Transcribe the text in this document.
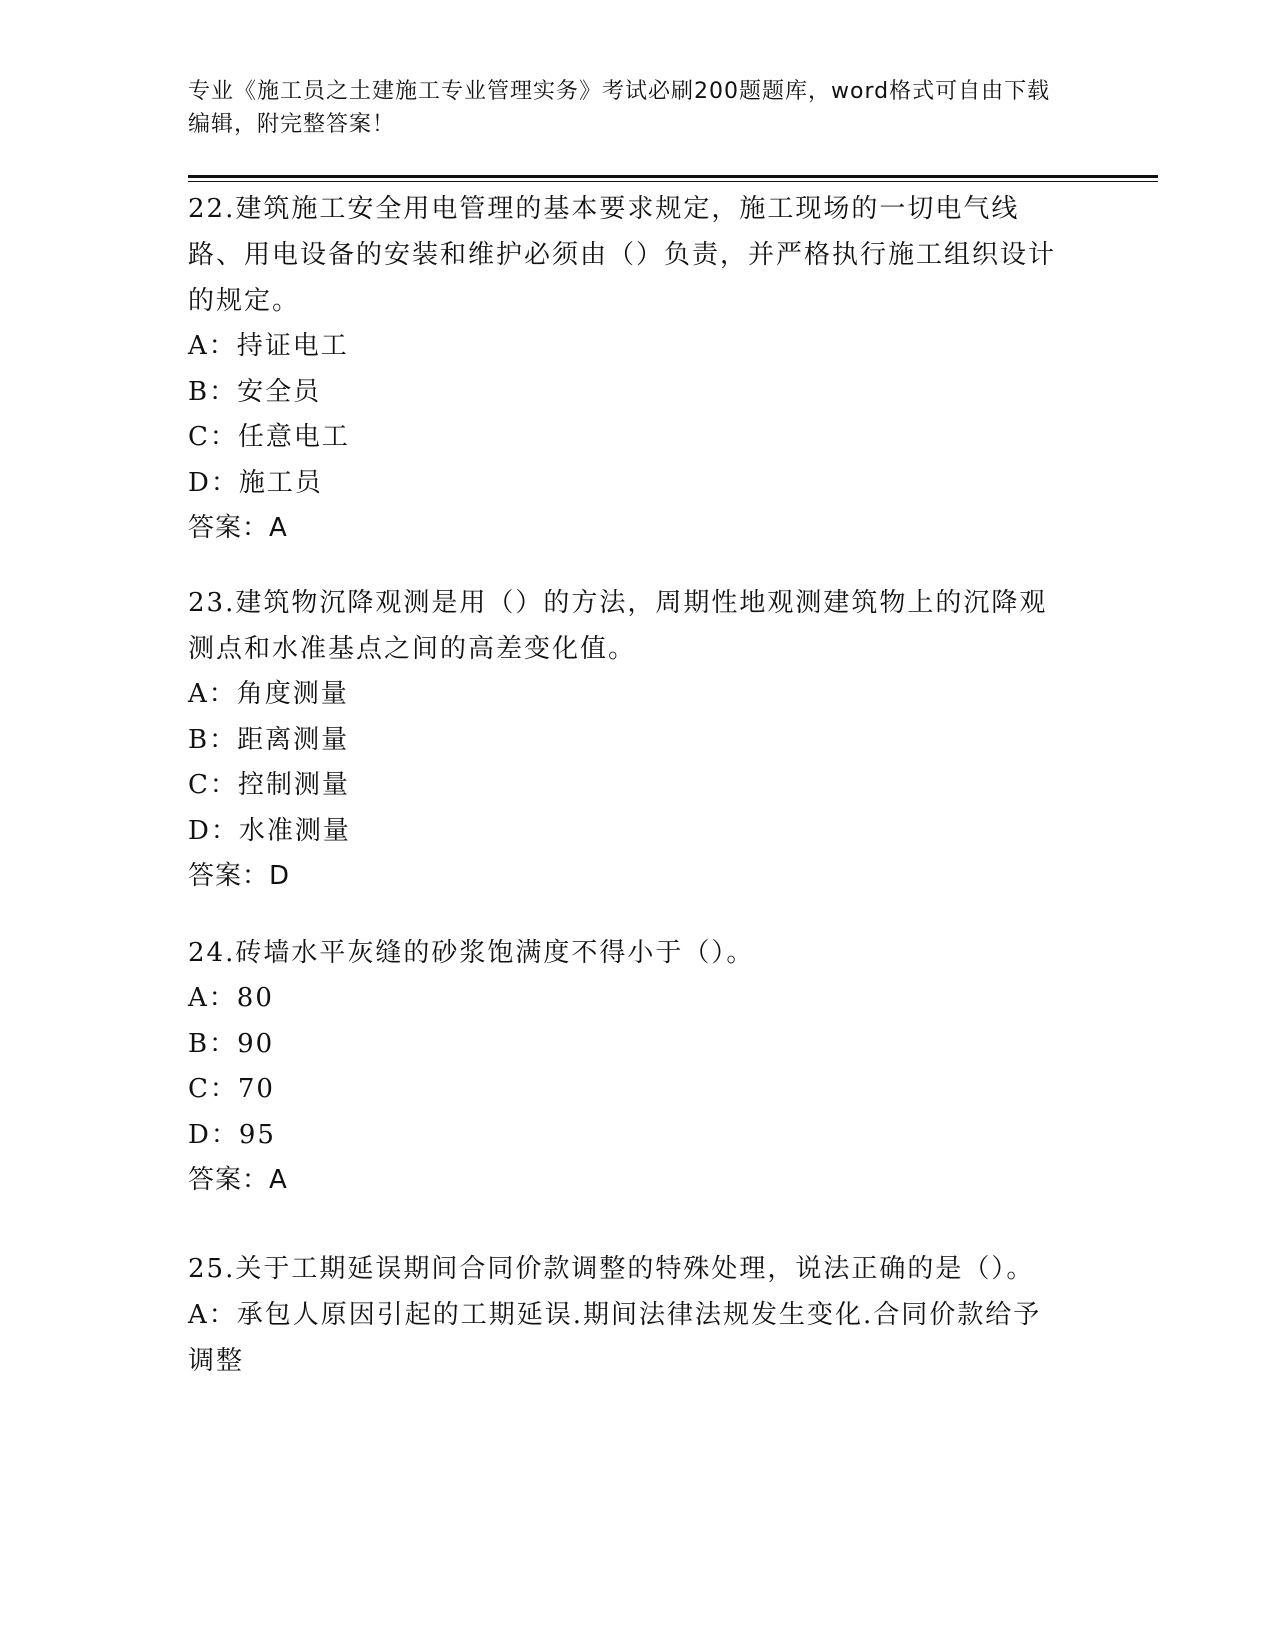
专业《施工员之土建施工专业管理实务》考试必刷200题题库，word格式可自由下载编辑，附完整答案！
22.建筑施工安全用电管理的基本要求规定，施工现场的一切电气线路、用电设备的安装和维护必须由（）负责，并严格执行施工组织设计的规定。
A：持证电工
B：安全员
C：任意电工
D：施工员
答案：A
23.建筑物沉降观测是用（）的方法，周期性地观测建筑物上的沉降观测点和水准基点之间的高差变化值。
A：角度测量
B：距离测量
C：控制测量
D：水准测量
答案：D
24.砖墙水平灰缝的砂浆饱满度不得小于（）。
A：80
B：90
C：70
D：95
答案：A
25.关于工期延误期间合同价款调整的特殊处理，说法正确的是（）。
A：承包人原因引起的工期延误.期间法律法规发生变化.合同价款给予调整
